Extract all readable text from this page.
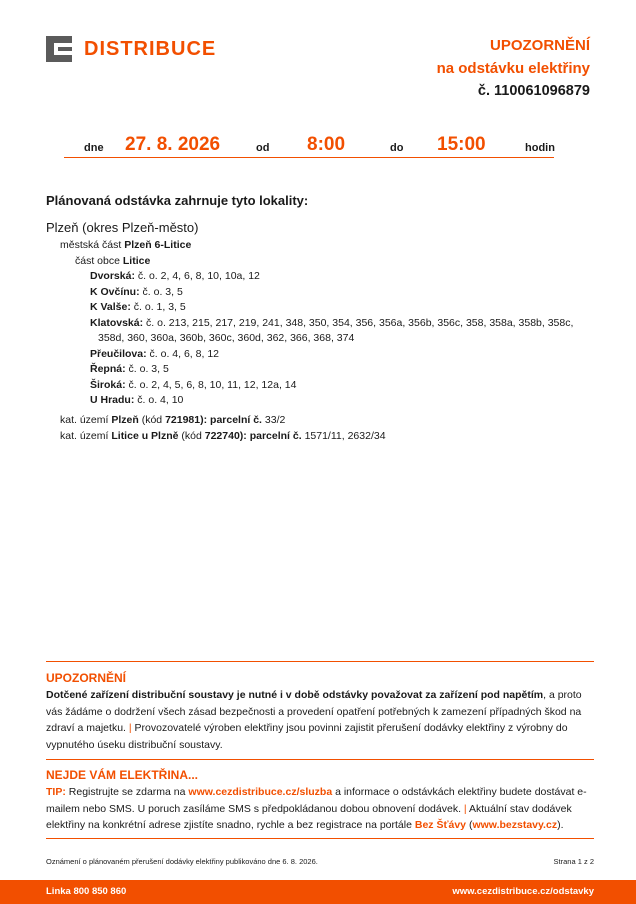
DISTRIBUCE	UPOZORNĚNÍ
na odstávku elektřiny
č. 110061096879
dne 27. 8. 2026	od 8:00	do 15:00	hodin
Plánovaná odstávka zahrnuje tyto lokality:
Plzeň (okres Plzeň-město)
městská část Plzeň 6-Litice
část obce Litice
Dvorská: č. o. 2, 4, 6, 8, 10, 10a, 12
K Ovčínu: č. o. 3, 5
K Valše: č. o. 1, 3, 5
Klatovská: č. o. 213, 215, 217, 219, 241, 348, 350, 354, 356, 356a, 356b, 356c, 358, 358a, 358b, 358c,
358d, 360, 360a, 360b, 360c, 360d, 362, 366, 368, 374
Přeučilova: č. o. 4, 6, 8, 12
Řepná: č. o. 3, 5
Široká: č. o. 2, 4, 5, 6, 8, 10, 11, 12, 12a, 14
U Hradu: č. o. 4, 10
kat. území Plzeň (kód 721981): parcelní č. 33/2
kat. území Litice u Plzně (kód 722740): parcelní č. 1571/11, 2632/34
UPOZORNĚNÍ
Dotčené zařízení distribuční soustavy je nutné i v době odstávky považovat za zařízení pod napětím, a proto vás žádáme o dodržení všech zásad bezpečnosti a provedení opatření potřebných k zamezení případných škod na zdraví a majetku. | Provozovatelé výroben elektřiny jsou povinni zajistit přerušení dodávky elektřiny z výrobny do vypnutého úseku distribuční soustavy.
NEJDE VÁM ELEKTŘINA...
TIP: Registrujte se zdarma na www.cezdistribuce.cz/sluzba a informace o odstávkách elektřiny budete dostávat e-mailem nebo SMS. U poruch zasíláme SMS s předpokládanou dobou obnovení dodávek. | Aktuální stav dodávek elektřiny na konkrétní adrese zjistíte snadno, rychle a bez registrace na portále Bez Šťávy (www.bezstavy.cz).
Oznámení o plánovaném přerušení dodávky elektřiny publikováno dne 6. 8. 2026.	Strana 1 z 2
Linka 800 850 860	www.cezdistribuce.cz/odstavky
